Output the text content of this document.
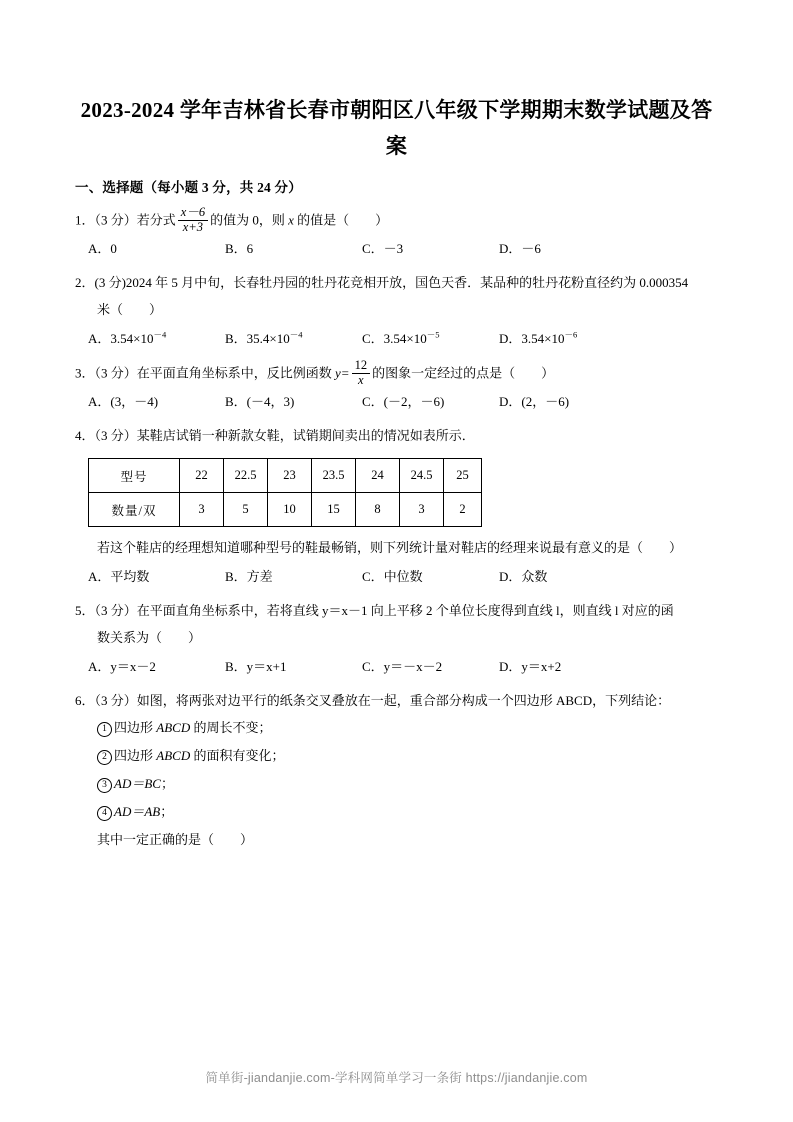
2023-2024 学年吉林省长春市朝阳区八年级下学期期末数学试题及答案
一、选择题（每小题 3 分，共 24 分）
1．（3 分）若分式 $\frac{x-6}{x+3}$ 的值为 0，则 x 的值是（ ）
A．0	B．6	C．－3	D．－6
2．(3 分)2024 年 5 月中旬，长春牡丹园的牡丹花竞相开放，国色天香．某品种的牡丹花粉直径约为 0.000354
米（ ）
A．$3.54\times 10^{-4}$	B．$35.4\times 10^{-4}$	C．$3.54\times 10^{-5}$	D．$3.54\times 10^{-6}$
3．（3 分）在平面直角坐标系中，反比例函数 $y= \frac{12}{x}$ 的图象一定经过的点是（ ）
A．(3，－4)	B．(－4，3)	C．(－2，－6)	D．(2，－6)
4．（3 分）某鞋店试销一种新款女鞋，试销期间卖出的情况如表所示．
型号	22	22.5	23	23.5	24	24.5	25
数量/双	3	5	10	15	8	3	2
若这个鞋店的经理想知道哪种型号的鞋最畅销，则下列统计量对鞋店的经理来说最有意义的是（ ）
A．平均数	B．方差	C．中位数	D．众数
5．（3 分）在平面直角坐标系中，若将直线 y＝x－1 向上平移 2 个单位长度得到直线 l，则直线 l 对应的函
数关系为（ ）
A．y＝x－2	B．y＝x+1	C．y＝－x－2	D．y＝x+2
6．（3 分）如图，将两张对边平行的纸条交叉叠放在一起，重合部分构成一个四边形 ABCD，下列结论：
1 四边形 ABCD 的周长不变；
2 四边形 ABCD 的面积有变化；
3 AD＝BC；
4 AD＝AB；
其中一定正确的是（ ）
简单街-jiandanjie.com-学科网简单学习一条街 https://jiandanjie.com
